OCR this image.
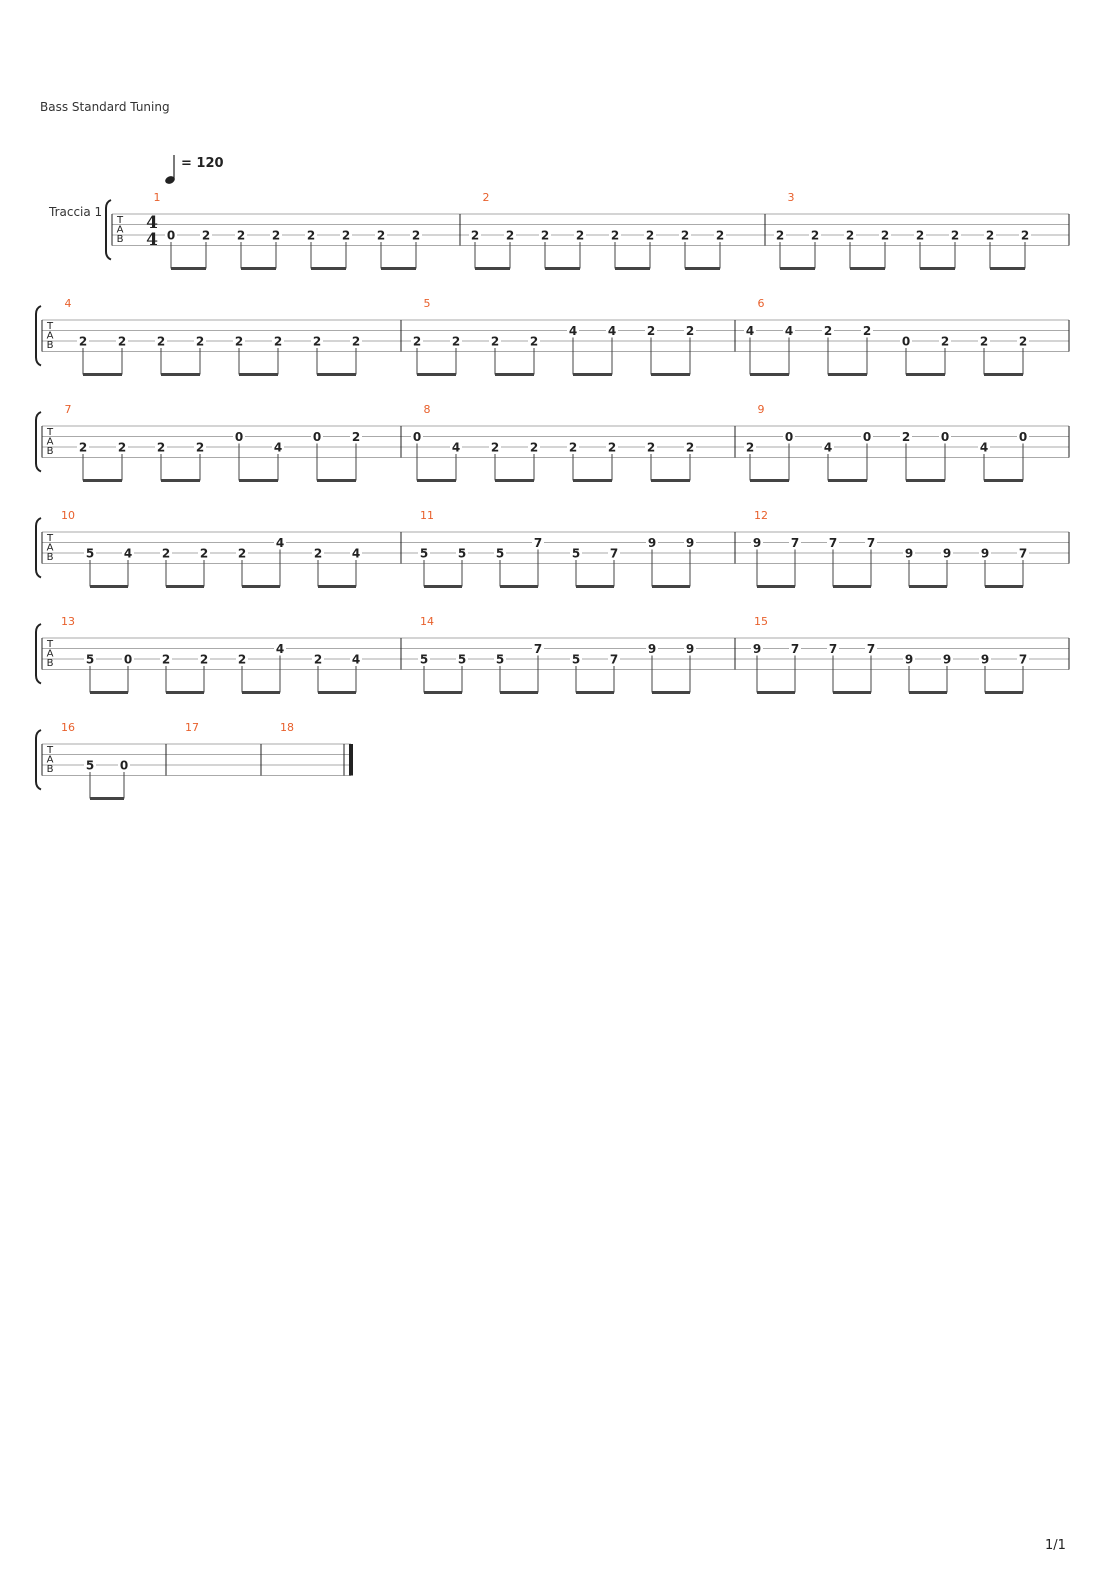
Bass Standard Tuning
= 120
Traccia 1
T
A
B
4
4
1
0 2 2 2 2 2 2 2
2
2 2 2 2 2 2 2 2
3
2 2 2 2 2 2 2 2
T
A
B
4
2	2	2	2	2	2	2	2
5
2	2	2	2
4	4	2	2
6
4	4	2	2
0	2	2	2
T
A
B
7
2	2	2	2
0
4
0	2
8
0
4	2	2	2	2	2	2
9
2
0
4
0	2	0
4
0
T
A
B
10
5 4 2 2 2
4
2 4
11
5 5 5
7
5 7
9 9
12
9 7 7 7
9 9 9 7
T
A
B
13
5 0 2 2 2
4
2 4
14
5 5 5
7
5 7
9 9
15
9 7 7 7
9 9 9 7
T
A
B
16
5 0
17	18
1/1
